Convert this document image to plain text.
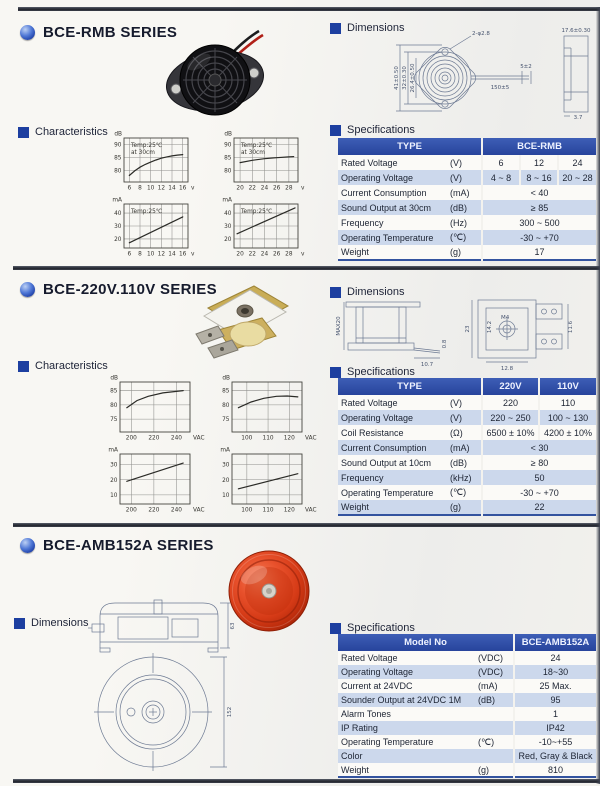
BCE-RMB SERIES	Dimensions
41±0.50 32±0.30 26.4±0.50
2-φ2.8
150±5
5±2
17.6±0.30
3.7
Characteristics
6 8 10 12 14 16
80
85
90
dB
v
Temp:25℃
at 30cm
20 22 24 26 28
80
85
90
dB
v
Temp:25℃
at 30cm
6 8 10 12 14 16
20
30
40
mA
v
Temp:25℃
20 22 24 26 28
20
30
40
mA
v
Temp:25℃
Specifications
TYPE		BCE-RMB		
Rated Voltage	(V)	6	12	24
Operating Voltage	(V)	4 ~ 8	8 ~ 16	20 ~ 28
Current Consumption	(mA)	< 40		
Sound Output at 30cm	(dB)	≥ 85		
Frequency	(Hz)	300 ~ 500		
Operating Temperature	(℃)	-30 ~ +70		
Weight	(g)	17		
BCE-220V.110V SERIES	Dimensions
MAX20
10.7
0.8
23	14.2
M4
12.8
11.6
Characteristics
200 220 240
75
80
85
dB
VAC	100 110 120
75
80
85
dB
VAC
200 220 240
10
20
30
mA
VAC	100 110 120
10
20
30
mA
VAC
Specifications
TYPE		220V	110V
Rated Voltage	(V)	220	110
Operating Voltage	(V)	220 ~ 250	100 ~ 130
Coil Resistance	(Ω)	6500 ± 10%	4200 ± 10%
Current Consumption	(mA)	< 30	
Sound Output at 10cm	(dB)	≥ 80	
Frequency	(kHz)	50	
Operating Temperature	(℃)	-30 ~ +70	
Weight	(g)	22	
BCE-AMB152A SERIES
Dimensions	63
152
Specifications
Model No		BCE-AMB152A
Rated Voltage	(VDC)	24
Operating Voltage	(VDC)	18~30
Current at 24VDC	(mA)	25 Max.
Sounder Output at 24VDC 1M	(dB)	95
Alarm Tones		1
IP Rating		IP42
Operating Temperature	(℃)	-10~+55
Color		Red, Gray & Black
Weight	(g)	810
